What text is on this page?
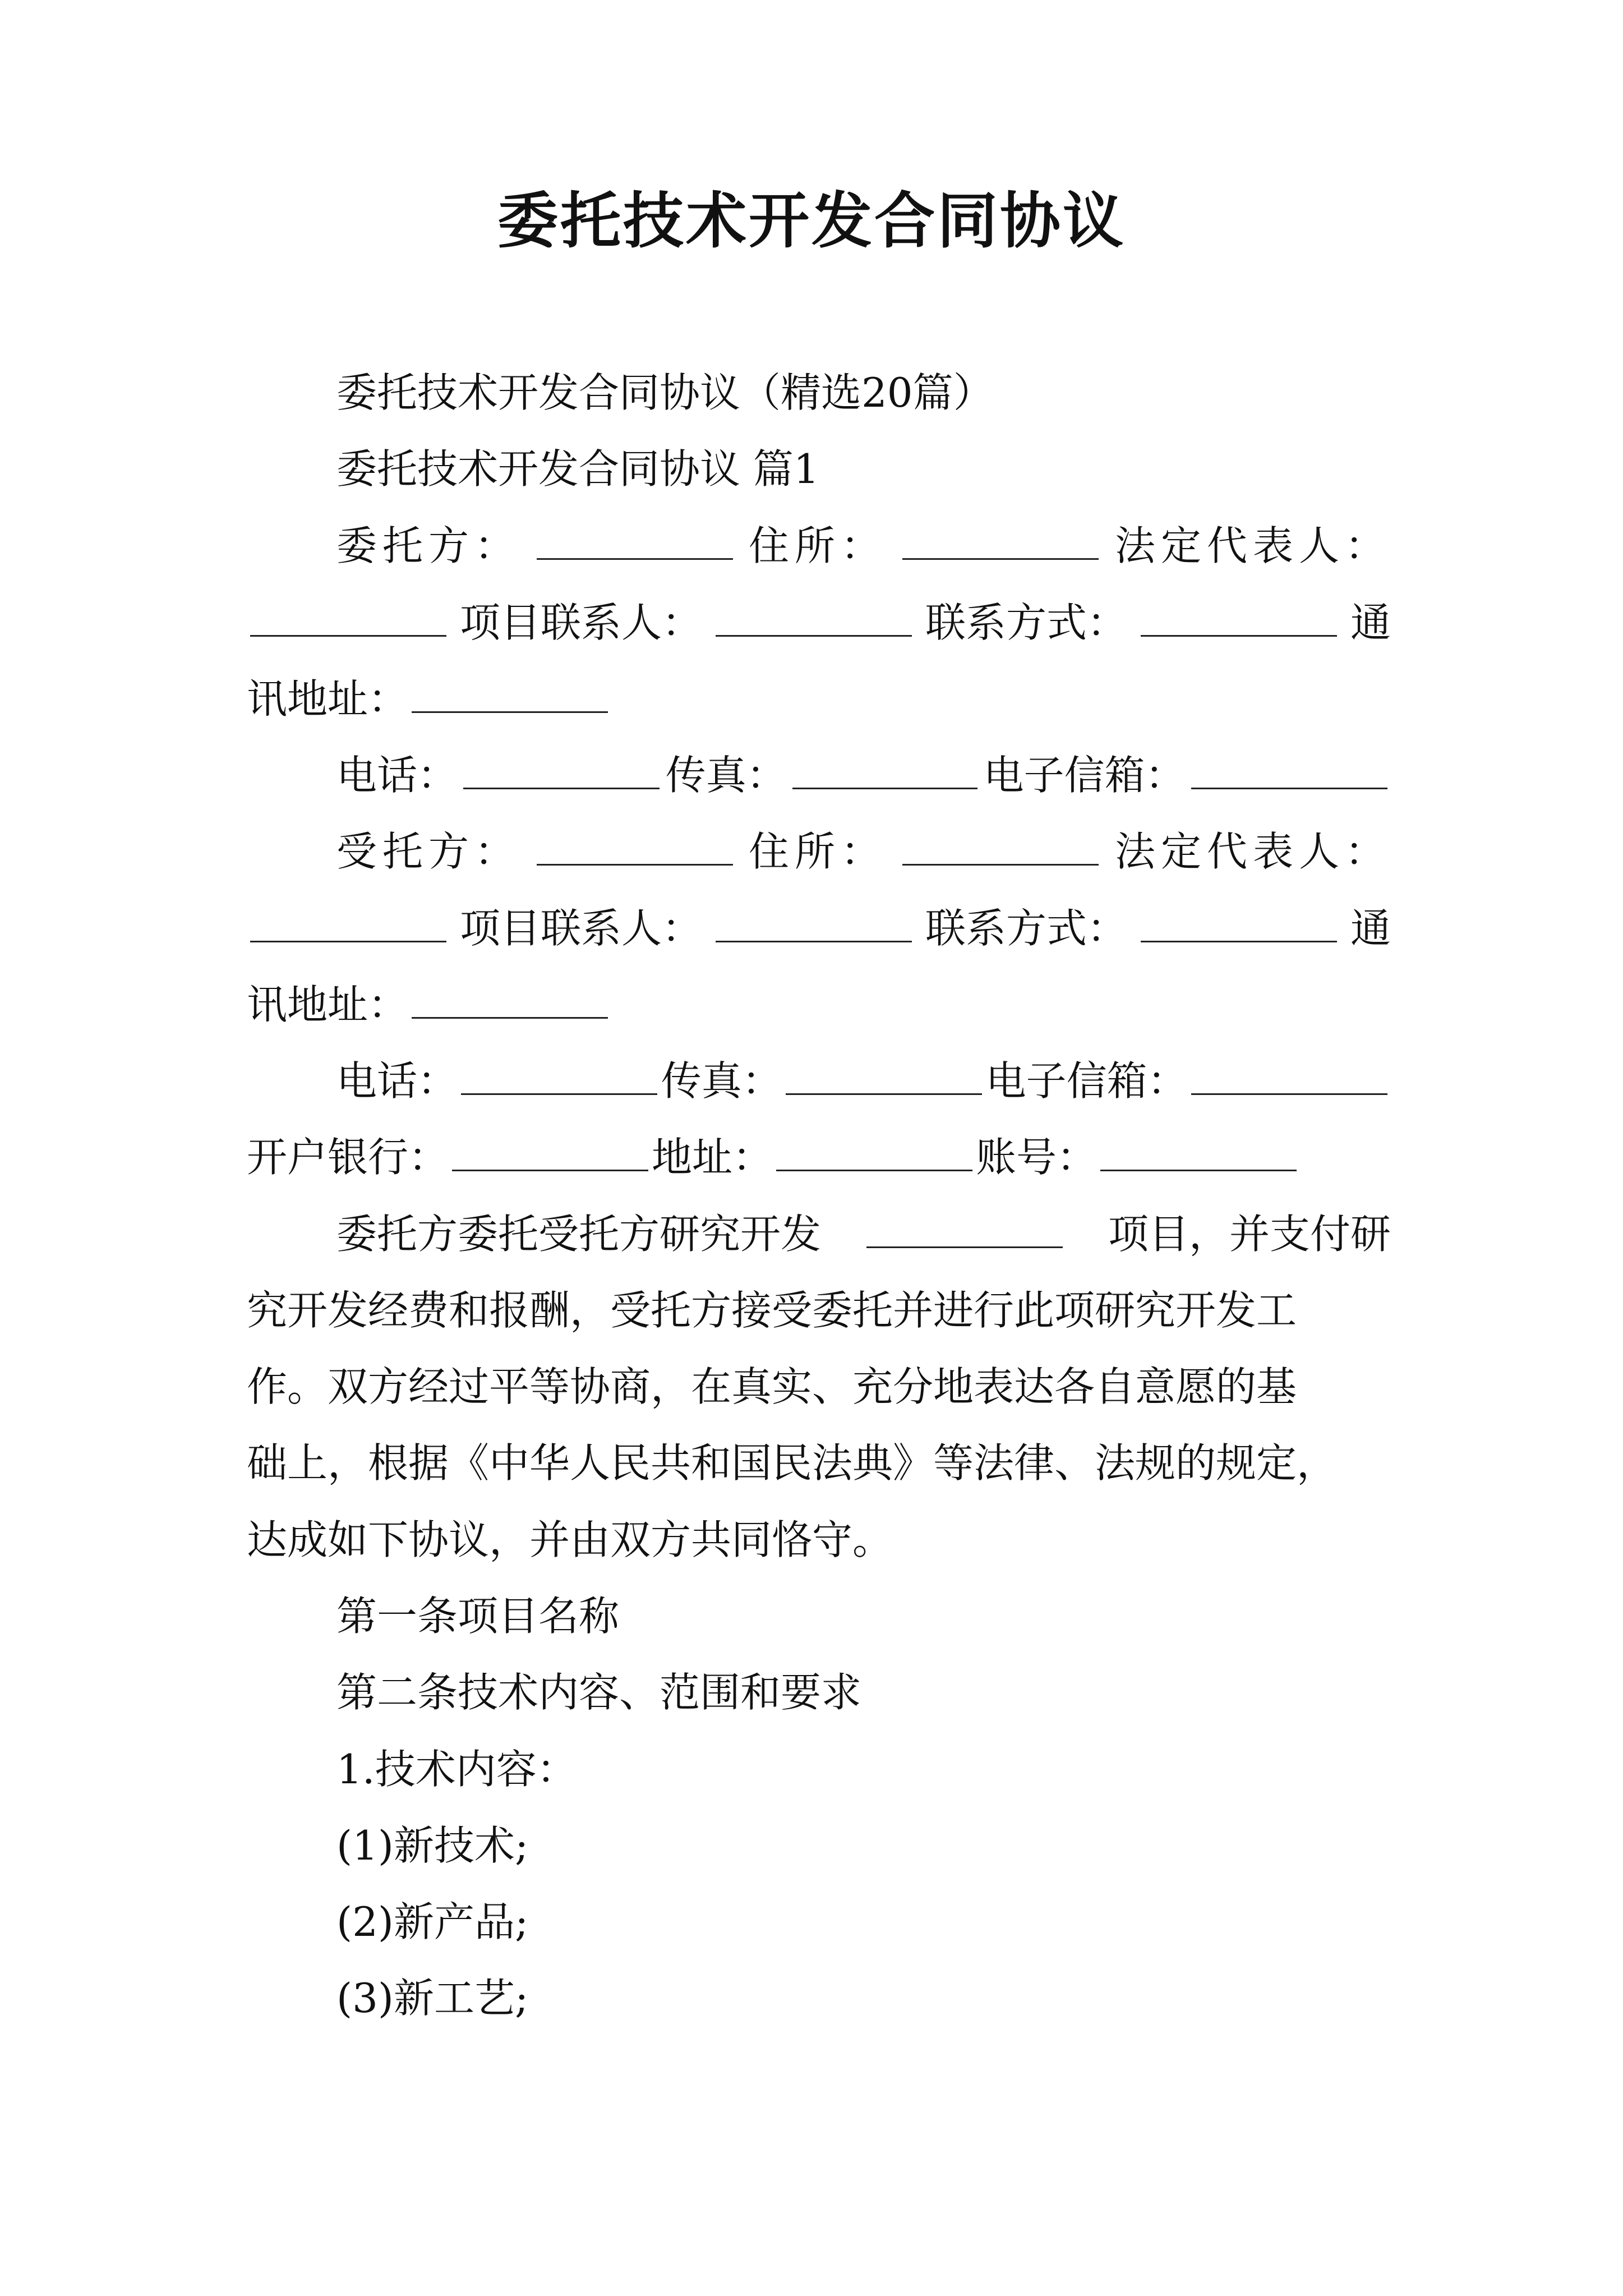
委托技术开发合同协议
委托技术开发合同协议（精选20篇）
委托技术开发合同协议 篇1
委托方：	住所：	法定代表人：
项目联系人：	联系方式：	通
讯地址：
电话：	传真：	电子信箱：
受托方：	住所：	法定代表人：
项目联系人：	联系方式：	通
讯地址：
电话：	传真：	电子信箱：
开户银行：	地址：	账号：
委托方委托受托方研究开发	项目，并支付研
究开发经费和报酬，受托方接受委托并进行此项研究开发工
作。双方经过平等协商，在真实、充分地表达各自意愿的基
础上，根据《中华人民共和国民法典》等法律、法规的规定，
达成如下协议，并由双方共同恪守。
第一条项目名称
第二条技术内容、范围和要求
1.技术内容：
(1)新技术;
(2)新产品;
(3)新工艺;
